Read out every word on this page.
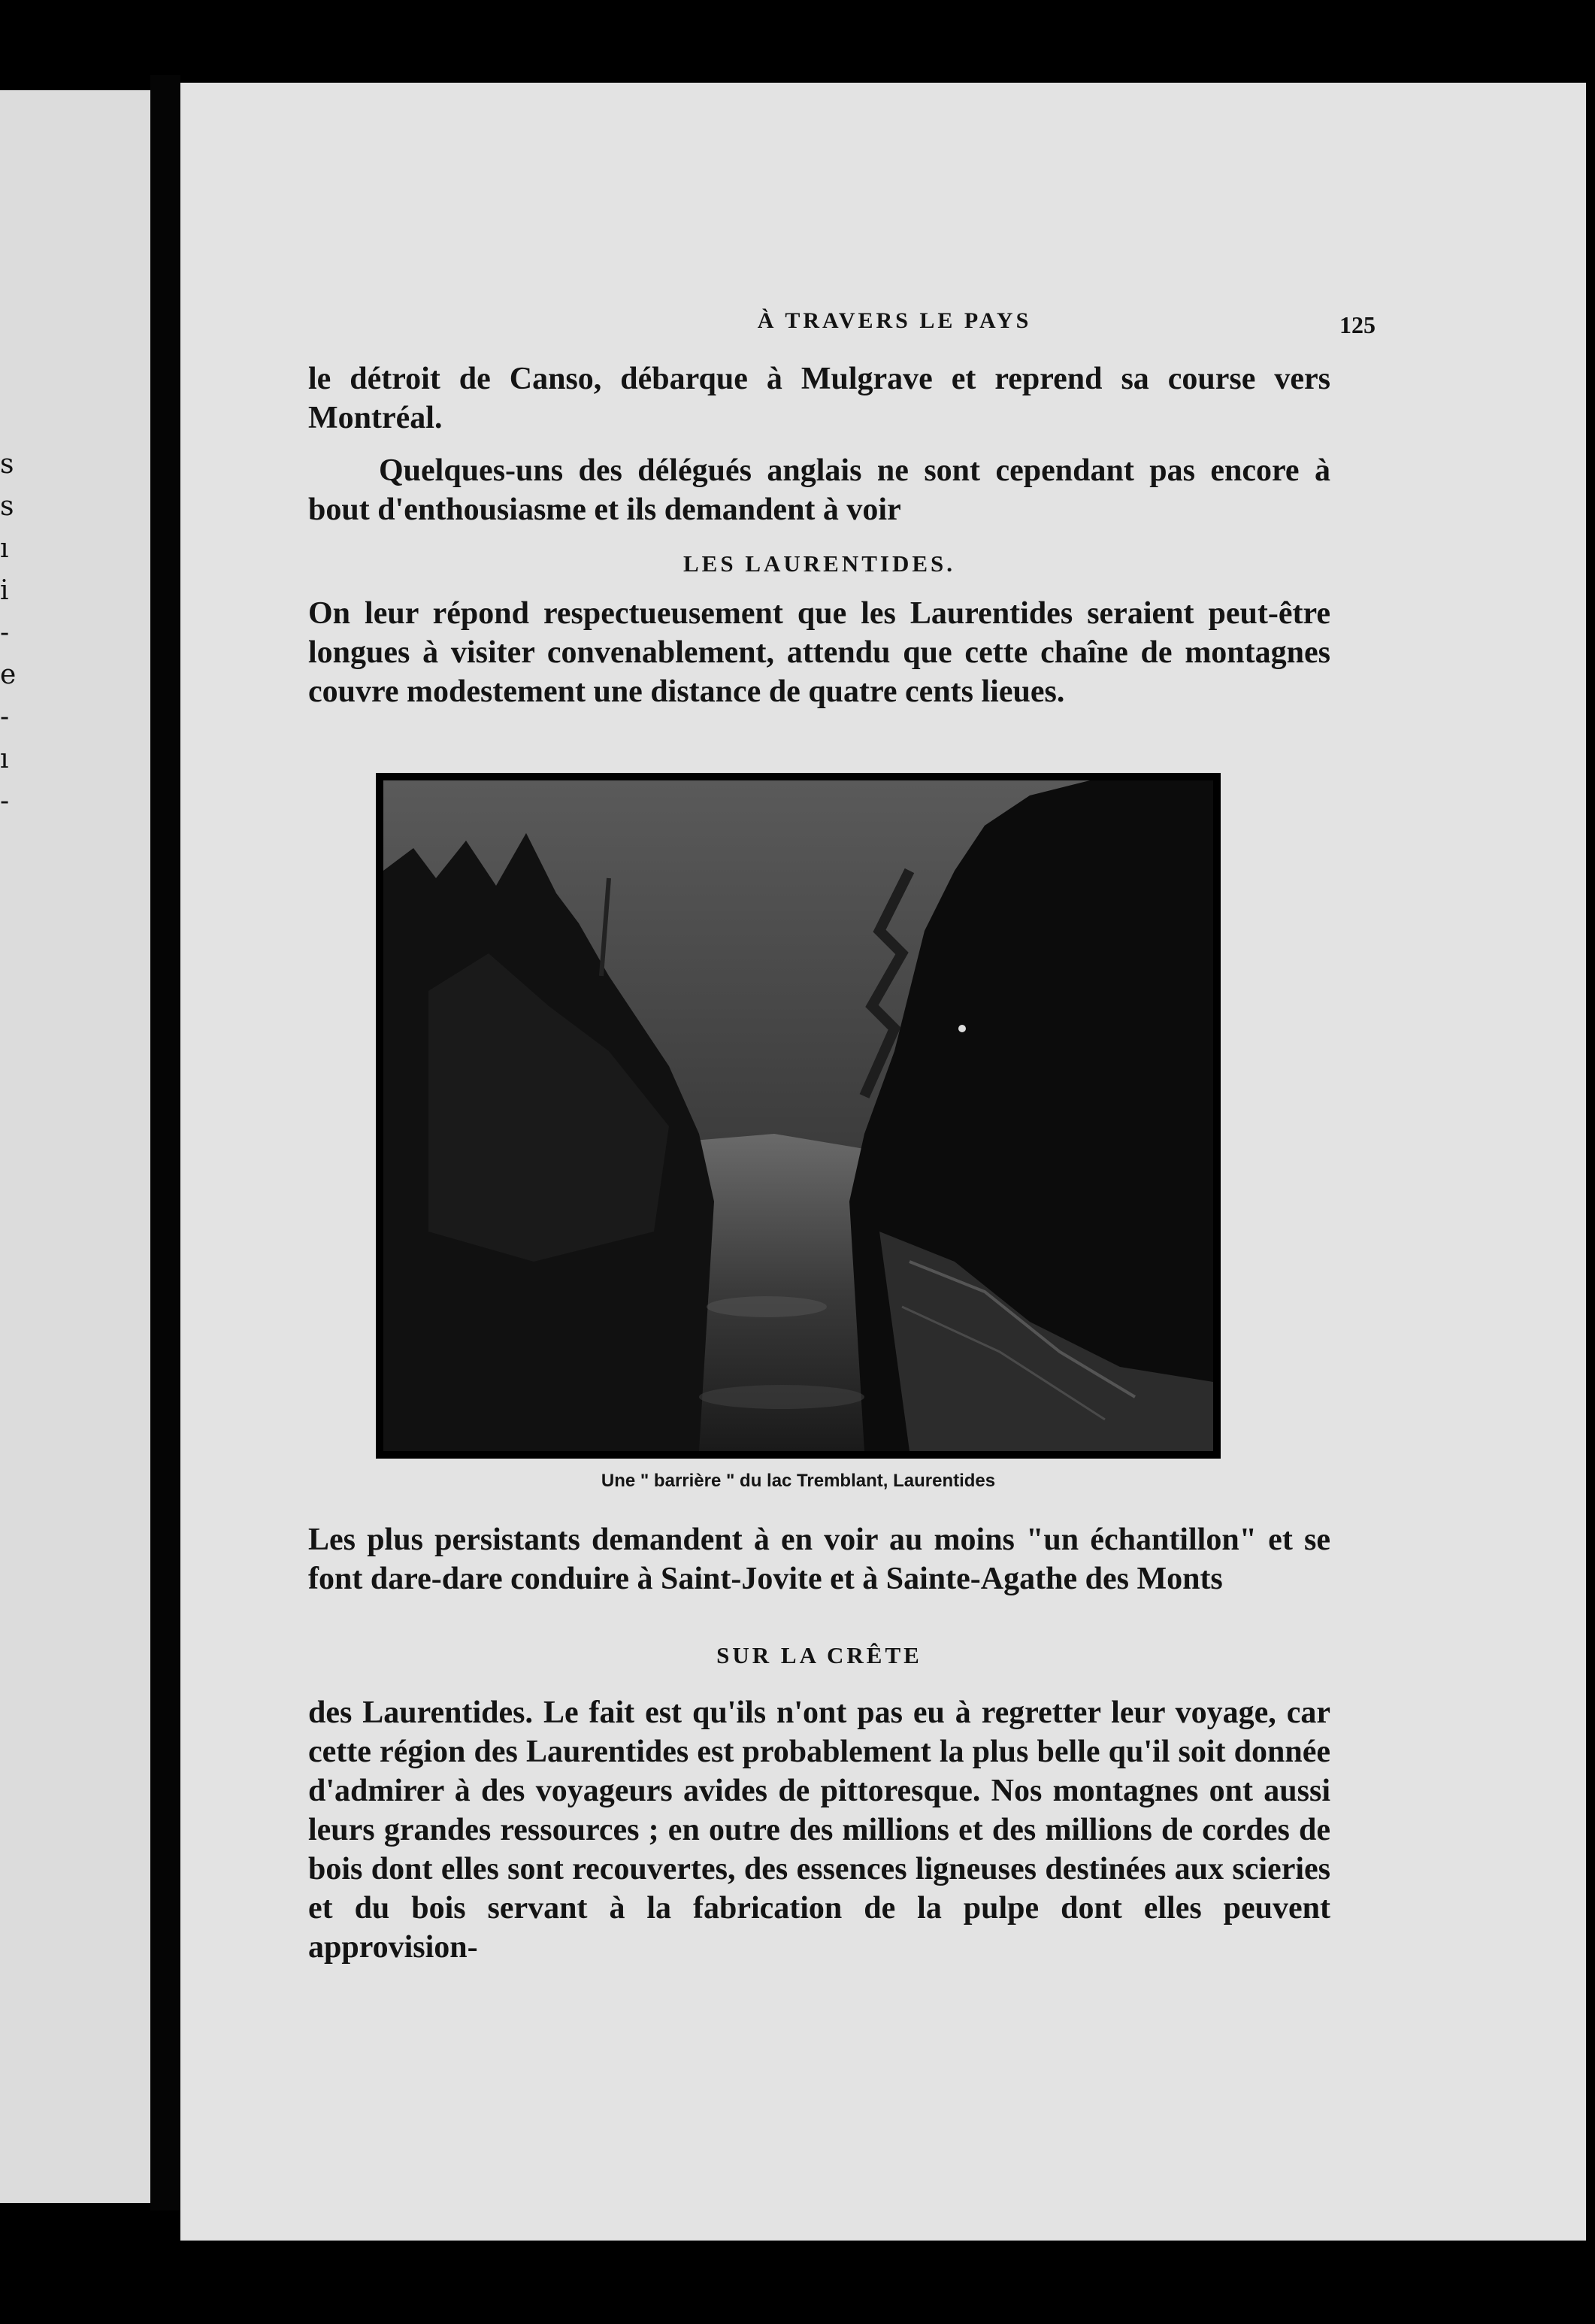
s
s
ı
i
-
e
-
ı
-
À TRAVERS LE PAYS	125

le détroit de Canso, débarque à Mulgrave et reprend sa course vers Montréal.

Quelques-uns des délégués anglais ne sont cependant pas encore à bout d'enthousiasme et ils demandent à voir

LES LAURENTIDES.

On leur répond respectueusement que les Laurentides seraient peut-être longues à visiter convenablement, attendu que cette chaîne de montagnes couvre modestement une distance de quatre cents lieues.

Une " barrière " du lac Tremblant, Laurentides

Les plus persistants demandent à en voir au moins "un échantillon" et se font dare-dare conduire à Saint-Jovite et à Sainte-Agathe des Monts

SUR LA CRÊTE

des Laurentides. Le fait est qu'ils n'ont pas eu à regretter leur voyage, car cette région des Laurentides est probablement la plus belle qu'il soit donnée d'admirer à des voyageurs avides de pittoresque. Nos montagnes ont aussi leurs grandes ressources ; en outre des millions et des millions de cordes de bois dont elles sont recouvertes, des essences ligneuses destinées aux scieries et du bois servant à la fabrication de la pulpe dont elles peuvent approvision-
